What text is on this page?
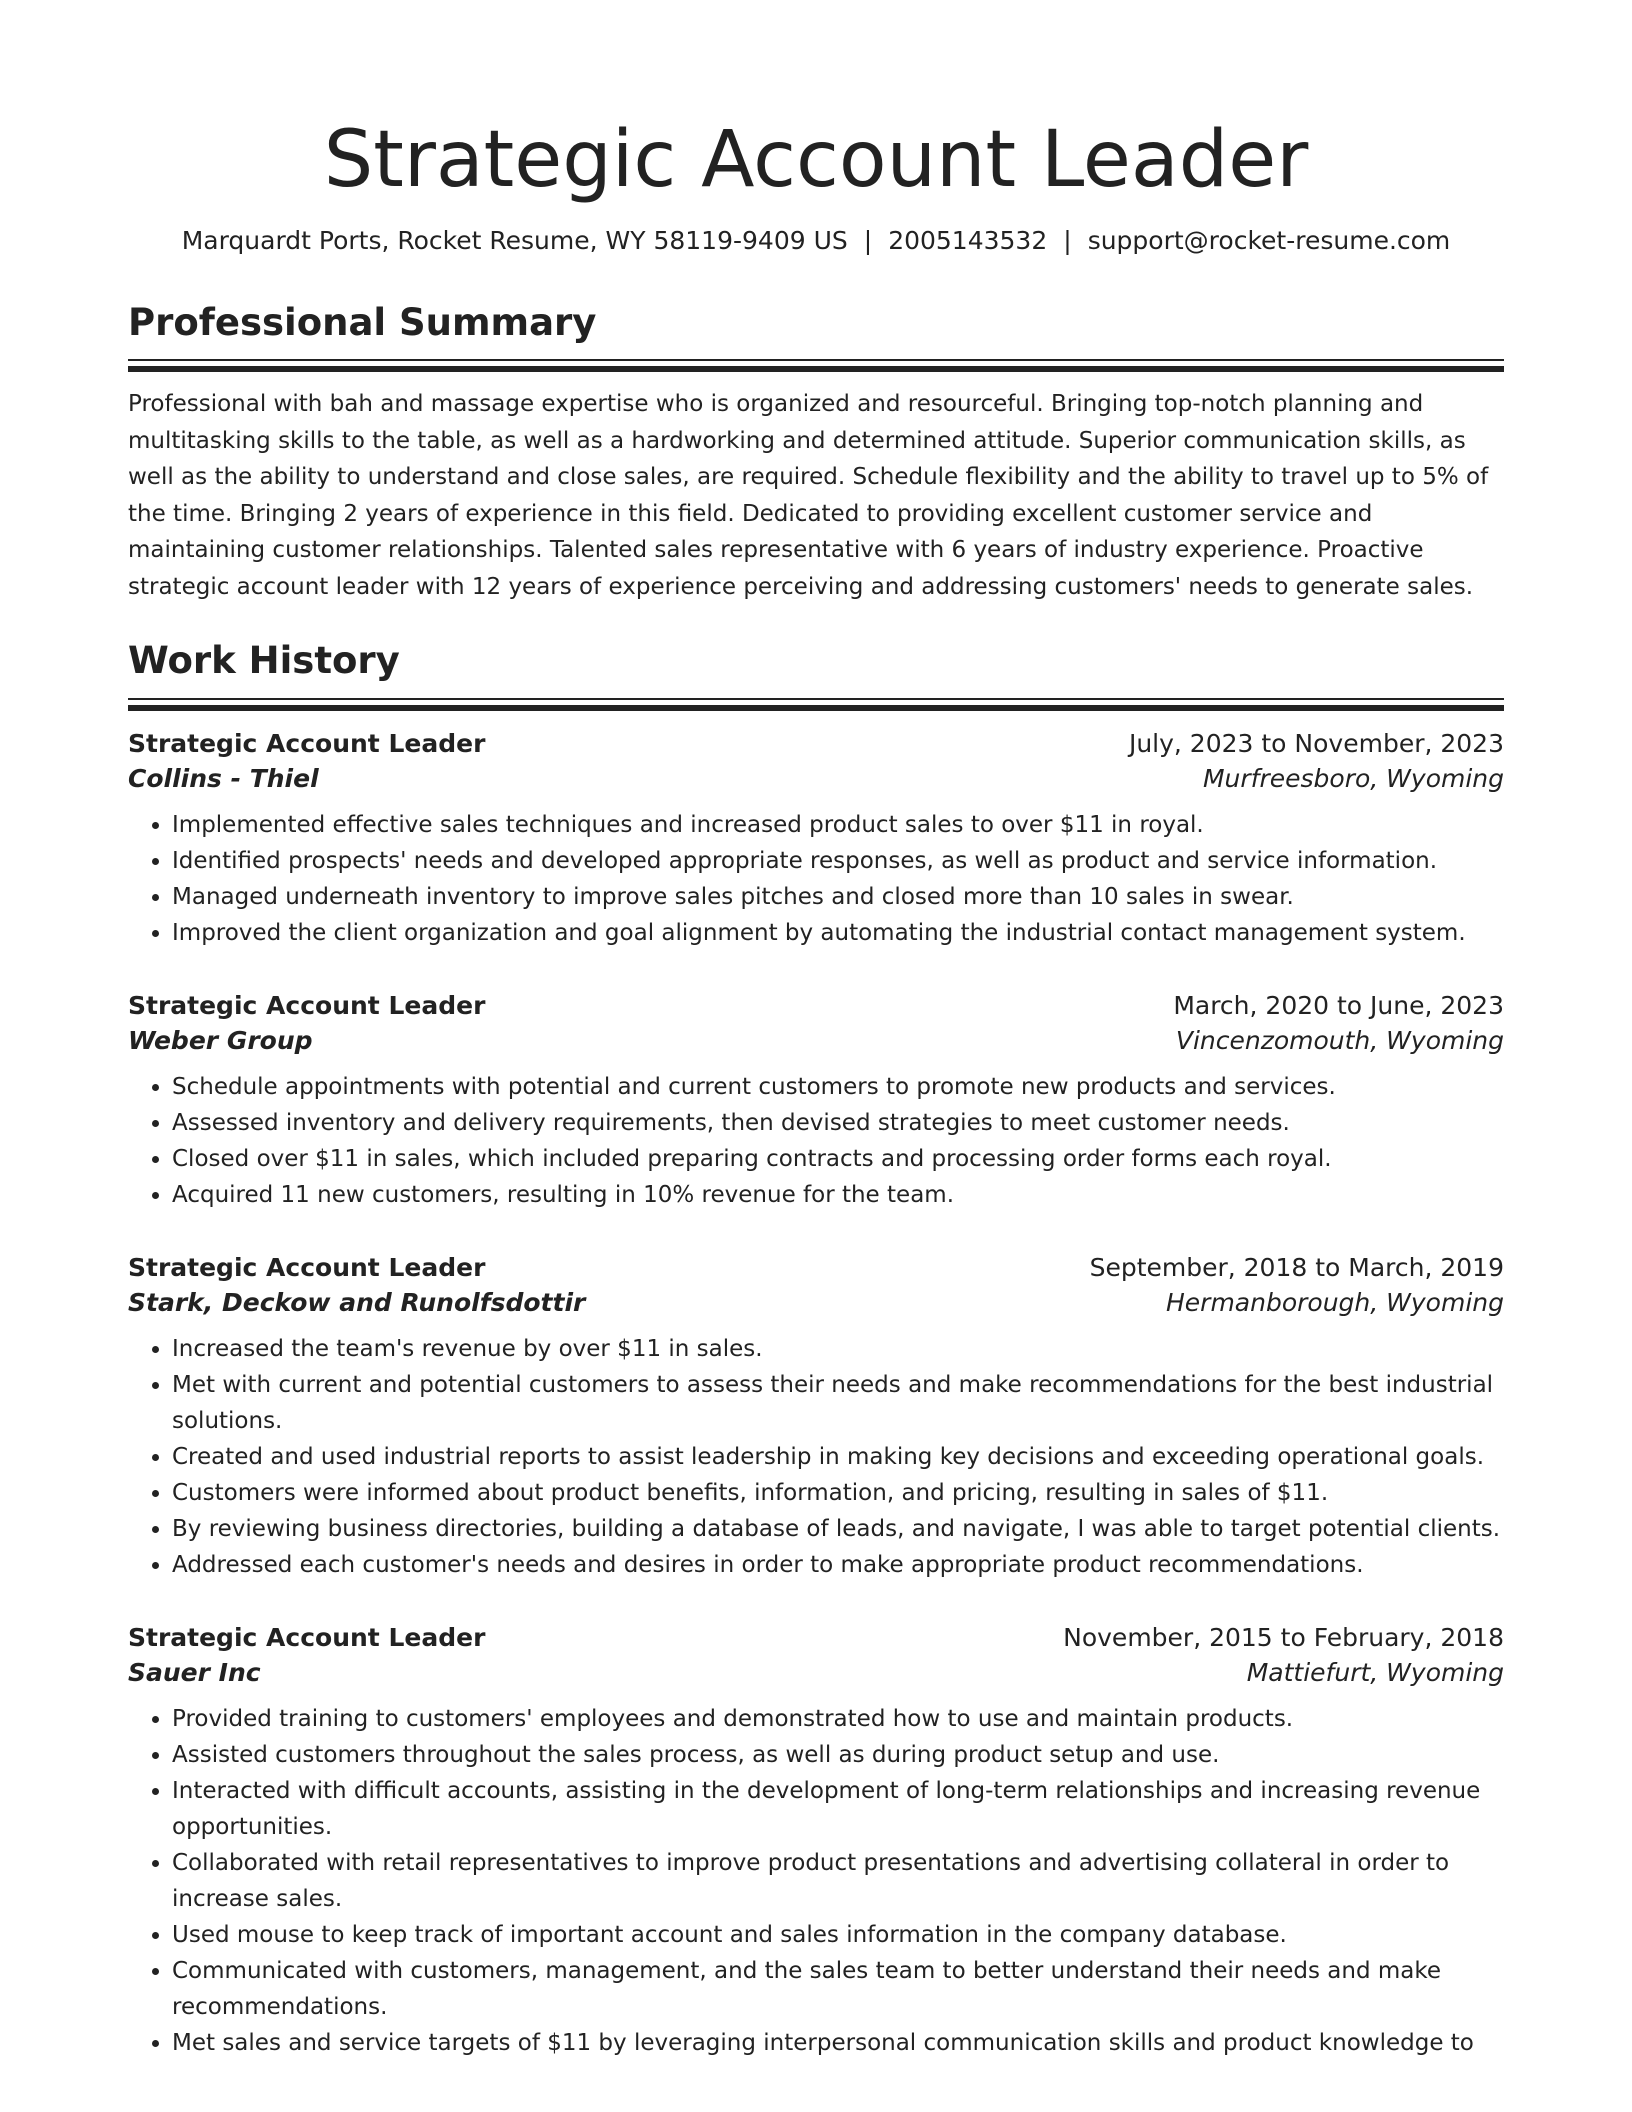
Strategic Account Leader
Marquardt Ports, Rocket Resume, WY 58119-9409 US | 2005143532 | support@rocket-resume.com
Professional Summary

Professional with bah and massage expertise who is organized and resourceful. Bringing top-notch planning and multitasking skills to the table, as well as a hardworking and determined attitude. Superior communication skills, as well as the ability to understand and close sales, are required. Schedule flexibility and the ability to travel up to 5% of the time. Bringing 2 years of experience in this field. Dedicated to providing excellent customer service and maintaining customer relationships. Talented sales representative with 6 years of industry experience. Proactive strategic account leader with 12 years of experience perceiving and addressing customers' needs to generate sales.

Work History
Strategic Account Leader	July, 2023 to November, 2023
Collins - Thiel	Murfreesboro, Wyoming
• Implemented effective sales techniques and increased product sales to over $11 in royal.
• Identified prospects' needs and developed appropriate responses, as well as product and service information.
• Managed underneath inventory to improve sales pitches and closed more than 10 sales in swear.
• Improved the client organization and goal alignment by automating the industrial contact management system.
Strategic Account Leader	March, 2020 to June, 2023
Weber Group	Vincenzomouth, Wyoming
• Schedule appointments with potential and current customers to promote new products and services.
• Assessed inventory and delivery requirements, then devised strategies to meet customer needs.
• Closed over $11 in sales, which included preparing contracts and processing order forms each royal.
• Acquired 11 new customers, resulting in 10% revenue for the team.
Strategic Account Leader	September, 2018 to March, 2019
Stark, Deckow and Runolfsdottir	Hermanborough, Wyoming
• Increased the team's revenue by over $11 in sales.
• Met with current and potential customers to assess their needs and make recommendations for the best industrial solutions.
• Created and used industrial reports to assist leadership in making key decisions and exceeding operational goals.
• Customers were informed about product benefits, information, and pricing, resulting in sales of $11.
• By reviewing business directories, building a database of leads, and navigate, I was able to target potential clients.
• Addressed each customer's needs and desires in order to make appropriate product recommendations.
Strategic Account Leader	November, 2015 to February, 2018
Sauer Inc	Mattiefurt, Wyoming
• Provided training to customers' employees and demonstrated how to use and maintain products.
• Assisted customers throughout the sales process, as well as during product setup and use.
• Interacted with difficult accounts, assisting in the development of long-term relationships and increasing revenue opportunities.
• Collaborated with retail representatives to improve product presentations and advertising collateral in order to increase sales.
• Used mouse to keep track of important account and sales information in the company database.
• Communicated with customers, management, and the sales team to better understand their needs and make recommendations.
• Met sales and service targets of $11 by leveraging interpersonal communication skills and product knowledge to
